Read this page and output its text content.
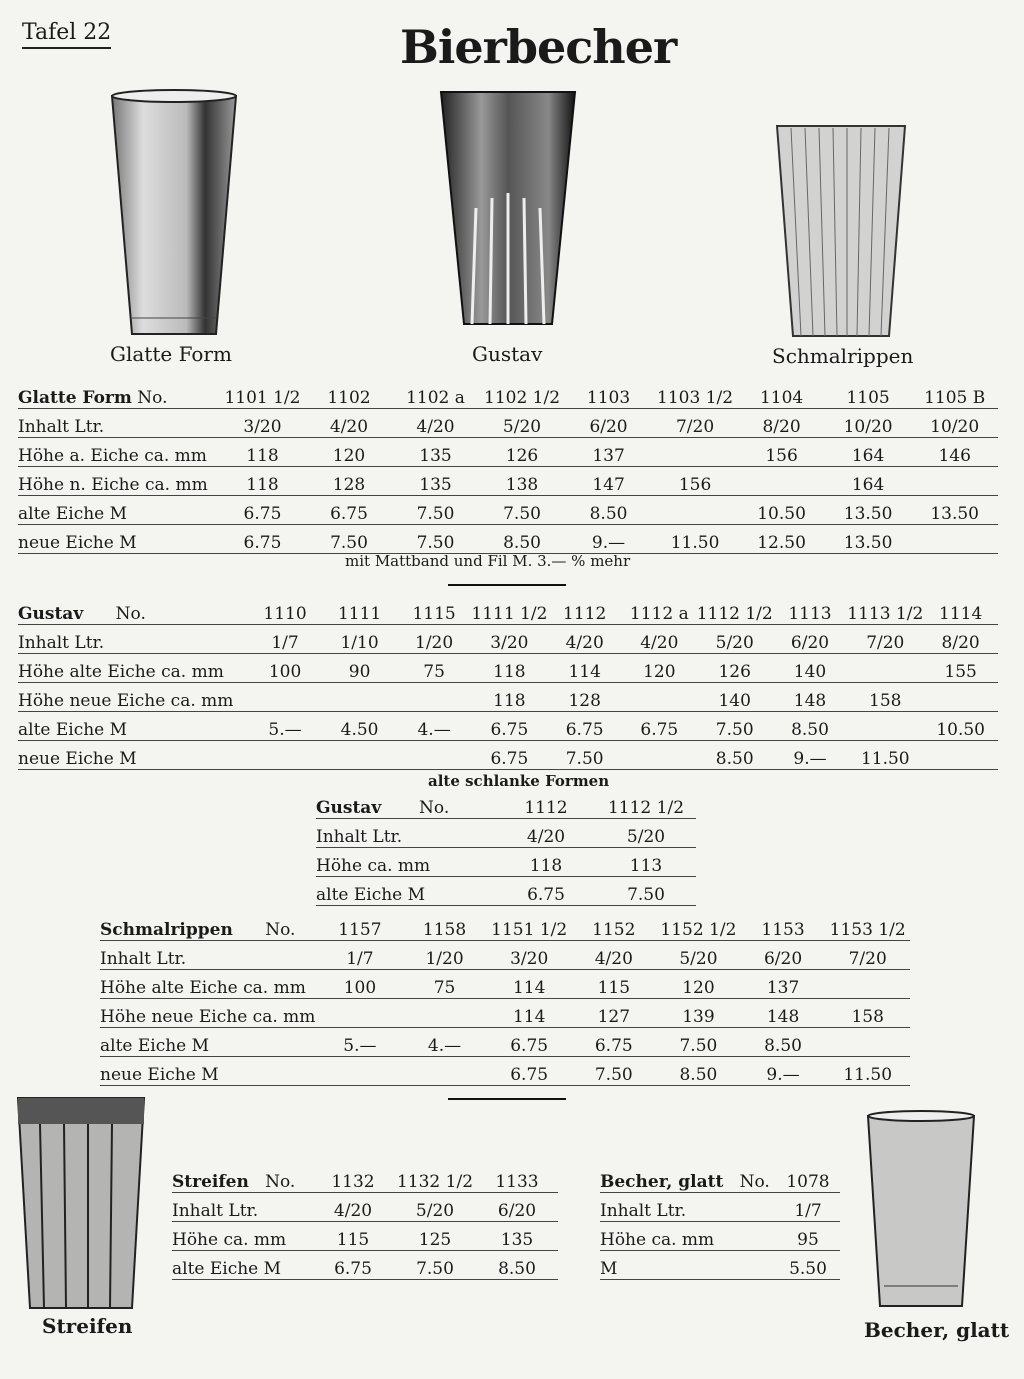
Tafel 22	Bierbecher
Glatte Form	Gustav	Schmalrippen
Streifen	Becher, glatt
Glatte Form No.	1101 1/2	1102	1102 a	1102 1/2	1103	1103 1/2	1104	1105	1105 B
Inhalt Ltr.	3/20	4/20	4/20	5/20	6/20	7/20	8/20	10/20	10/20
Höhe a. Eiche ca. mm	118	120	135	126	137		156	164	146
Höhe n. Eiche ca. mm	118	128	135	138	147	156		164	
alte Eiche M	6.75	6.75	7.50	7.50	8.50		10.50	13.50	13.50
neue Eiche M	6.75	7.50	7.50	8.50	9.—	11.50	12.50	13.50	
mit Mattband und Fil M. 3.— % mehr
Gustav No.	1110	1111	1115	1111 1/2	1112	1112 a	1112 1/2	1113	1113 1/2	1114
Inhalt Ltr.	1/7	1/10	1/20	3/20	4/20	4/20	5/20	6/20	7/20	8/20
Höhe alte Eiche ca. mm	100	90	75	118	114	120	126	140		155
Höhe neue Eiche ca. mm				118	128		140	148	158	
alte Eiche M	5.—	4.50	4.—	6.75	6.75	6.75	7.50	8.50		10.50
neue Eiche M				6.75	7.50		8.50	9.—	11.50	
alte schlanke Formen
Gustav No.	1112	1112 1/2
Inhalt Ltr.	4/20	5/20
Höhe ca. mm	118	113
alte Eiche M	6.75	7.50
Schmalrippen No.	1157	1158	1151 1/2	1152	1152 1/2	1153	1153 1/2
Inhalt Ltr.	1/7	1/20	3/20	4/20	5/20	6/20	7/20
Höhe alte Eiche ca. mm	100	75	114	115	120	137	
Höhe neue Eiche ca. mm			114	127	139	148	158
alte Eiche M	5.—	4.—	6.75	6.75	7.50	8.50	
neue Eiche M			6.75	7.50	8.50	9.—	11.50
Streifen No.	1132	1132 1/2	1133
Inhalt Ltr.	4/20	5/20	6/20
Höhe ca. mm	115	125	135
alte Eiche M	6.75	7.50	8.50
Becher, glatt No.	1078
Inhalt Ltr.	1/7
Höhe ca. mm	95
M	5.50
